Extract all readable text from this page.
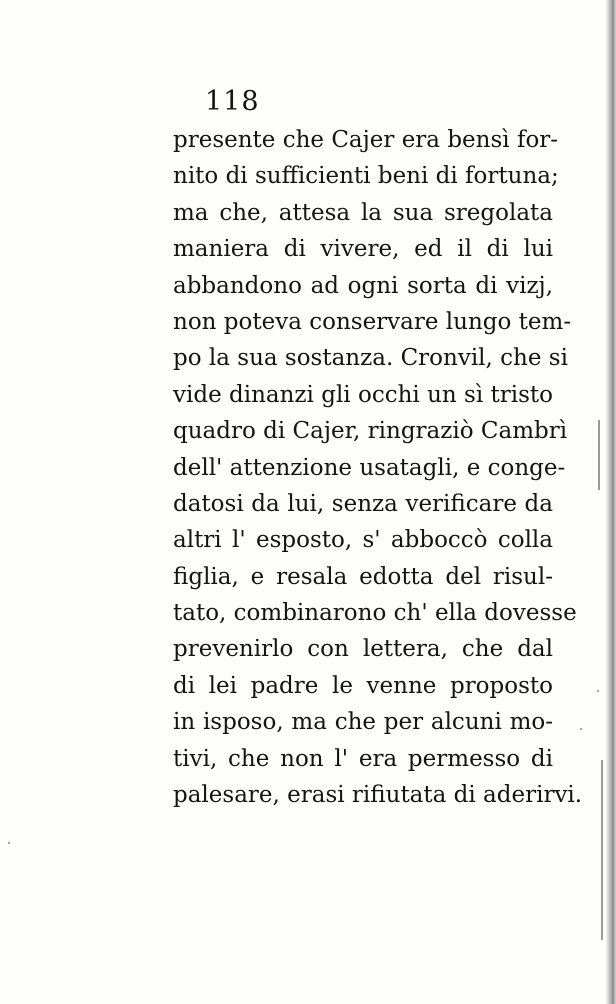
118
presente che Cajer era bensì for-
nito di sufficienti beni di fortuna;
ma che, attesa la sua sregolata
maniera di vivere, ed il di lui
abbandono ad ogni sorta di vizj,
non poteva conservare lungo tem-
po la sua sostanza. Cronvil, che si
vide dinanzi gli occhi un sì tristo
quadro di Cajer, ringraziò Cambrì
dell' attenzione usatagli, e conge-
datosi da lui, senza verificare da
altri l' esposto, s' abboccò colla
figlia, e resala edotta del risul-
tato, combinarono ch' ella dovesse
prevenirlo con lettera, che dal
di lei padre le venne proposto
in isposo, ma che per alcuni mo-
tivi, che non l' era permesso di
palesare, erasi rifiutata di aderirvi.
